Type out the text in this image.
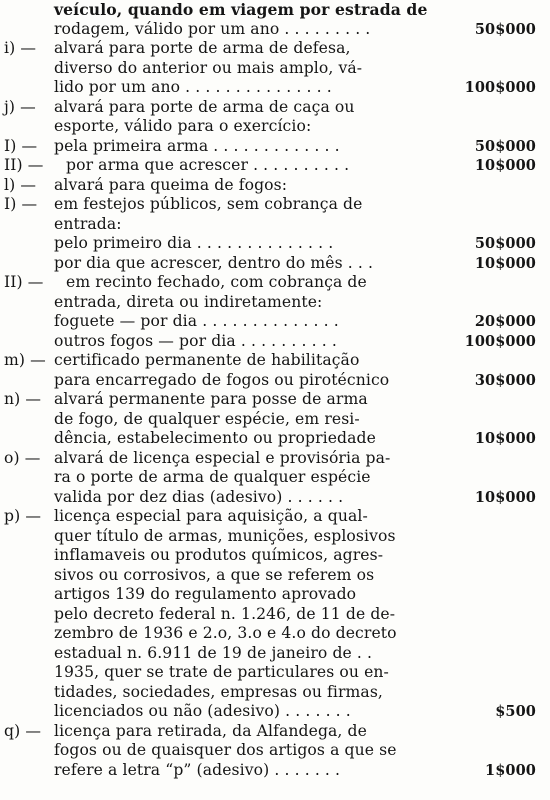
veículo, quando em viagem por estrada de
rodagem, válido por um ano . . . . . . . . .	50$000
i) —	alvará para porte de arma de defesa,
diverso do anterior ou mais amplo, vá-
lido por um ano . . . . . . . . . . . . . . .	100$000
j) —	alvará para porte de arma de caça ou
esporte, válido para o exercício:
I) —	pela primeira arma . . . . . . . . . . . . .	50$000
II) —	por arma que acrescer . . . . . . . . . .	10$000
l) —	alvará para queima de fogos:
I) —	em festejos públicos, sem cobrança de
entrada:
pelo primeiro dia . . . . . . . . . . . . . .	50$000
por dia que acrescer, dentro do mês . . .	10$000
II) —	em recinto fechado, com cobrança de
entrada, direta ou indiretamente:
foguete — por dia . . . . . . . . . . . . . .	20$000
outros fogos — por dia . . . . . . . . . .	100$000
m) — certificado permanente de habilitação
para encarregado de fogos ou pirotécnico	30$000
n) — alvará permanente para posse de arma
de fogo, de qualquer espécie, em resi-
dência, estabelecimento ou propriedade	10$000
o) — alvará de licença especial e provisória pa-
ra o porte de arma de qualquer espécie
valida por dez dias (adesivo) . . . . . .	10$000
p) — licença especial para aquisição, a qual-
quer título de armas, munições, esplosivos
inflamaveis ou produtos químicos, agres-
sivos ou corrosivos, a que se referem os
artigos 139 do regulamento aprovado
pelo decreto federal n. 1.246, de 11 de de-
zembro de 1936 e 2.o, 3.o e 4.o do decreto
estadual n. 6.911 de 19 de janeiro de . .
1935, quer se trate de particulares ou en-
tidades, sociedades, empresas ou firmas,
licenciados ou não (adesivo) . . . . . . .	$500
q) — licença para retirada, da Alfandega, de
fogos ou de quaisquer dos artigos a que se
refere a letra “p” (adesivo) . . . . . . .	1$000
